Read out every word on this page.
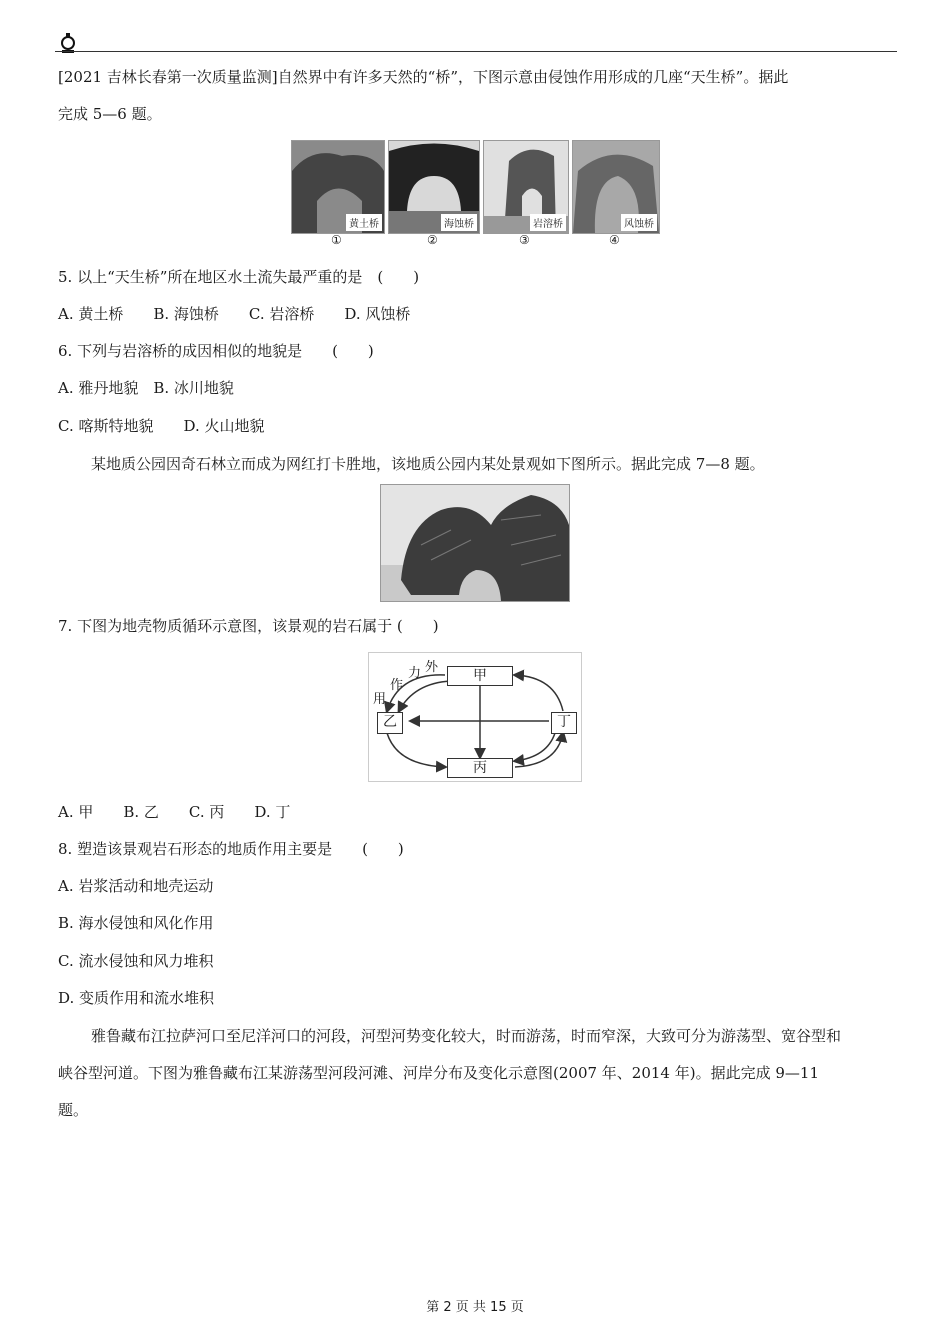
[2021 吉林长春第一次质量监测]自然界中有许多天然的“桥”，下图示意由侵蚀作用形成的几座“天生桥”。据此
完成 5—6 题。
黄土桥	海蚀桥	岩溶桥	风蚀桥
①	②	③	④
5. 以上“天生桥”所在地区水土流失最严重的是　(　　)
A. 黄土桥　　B. 海蚀桥　　C. 岩溶桥　　D. 风蚀桥
6. 下列与岩溶桥的成因相似的地貌是　　(　　)
A. 雅丹地貌　B. 冰川地貌
C. 喀斯特地貌　　D. 火山地貌
某地质公园因奇石林立而成为网红打卡胜地，该地质公园内某处景观如下图所示。据此完成 7—8 题。
7. 下图为地壳物质循环示意图，该景观的岩石属于 (　　)
甲
乙
丙
丁
外
力
作
用
A. 甲　　B. 乙　　C. 丙　　D. 丁
8. 塑造该景观岩石形态的地质作用主要是　　(　　)
A. 岩浆活动和地壳运动
B. 海水侵蚀和风化作用
C. 流水侵蚀和风力堆积
D. 变质作用和流水堆积
雅鲁藏布江拉萨河口至尼洋河口的河段，河型河势变化较大，时而游荡，时而窄深，大致可分为游荡型、宽谷型和
峡谷型河道。下图为雅鲁藏布江某游荡型河段河滩、河岸分布及变化示意图(2007 年、2014 年)。据此完成 9—11
题。
第 2 页 共 15 页
